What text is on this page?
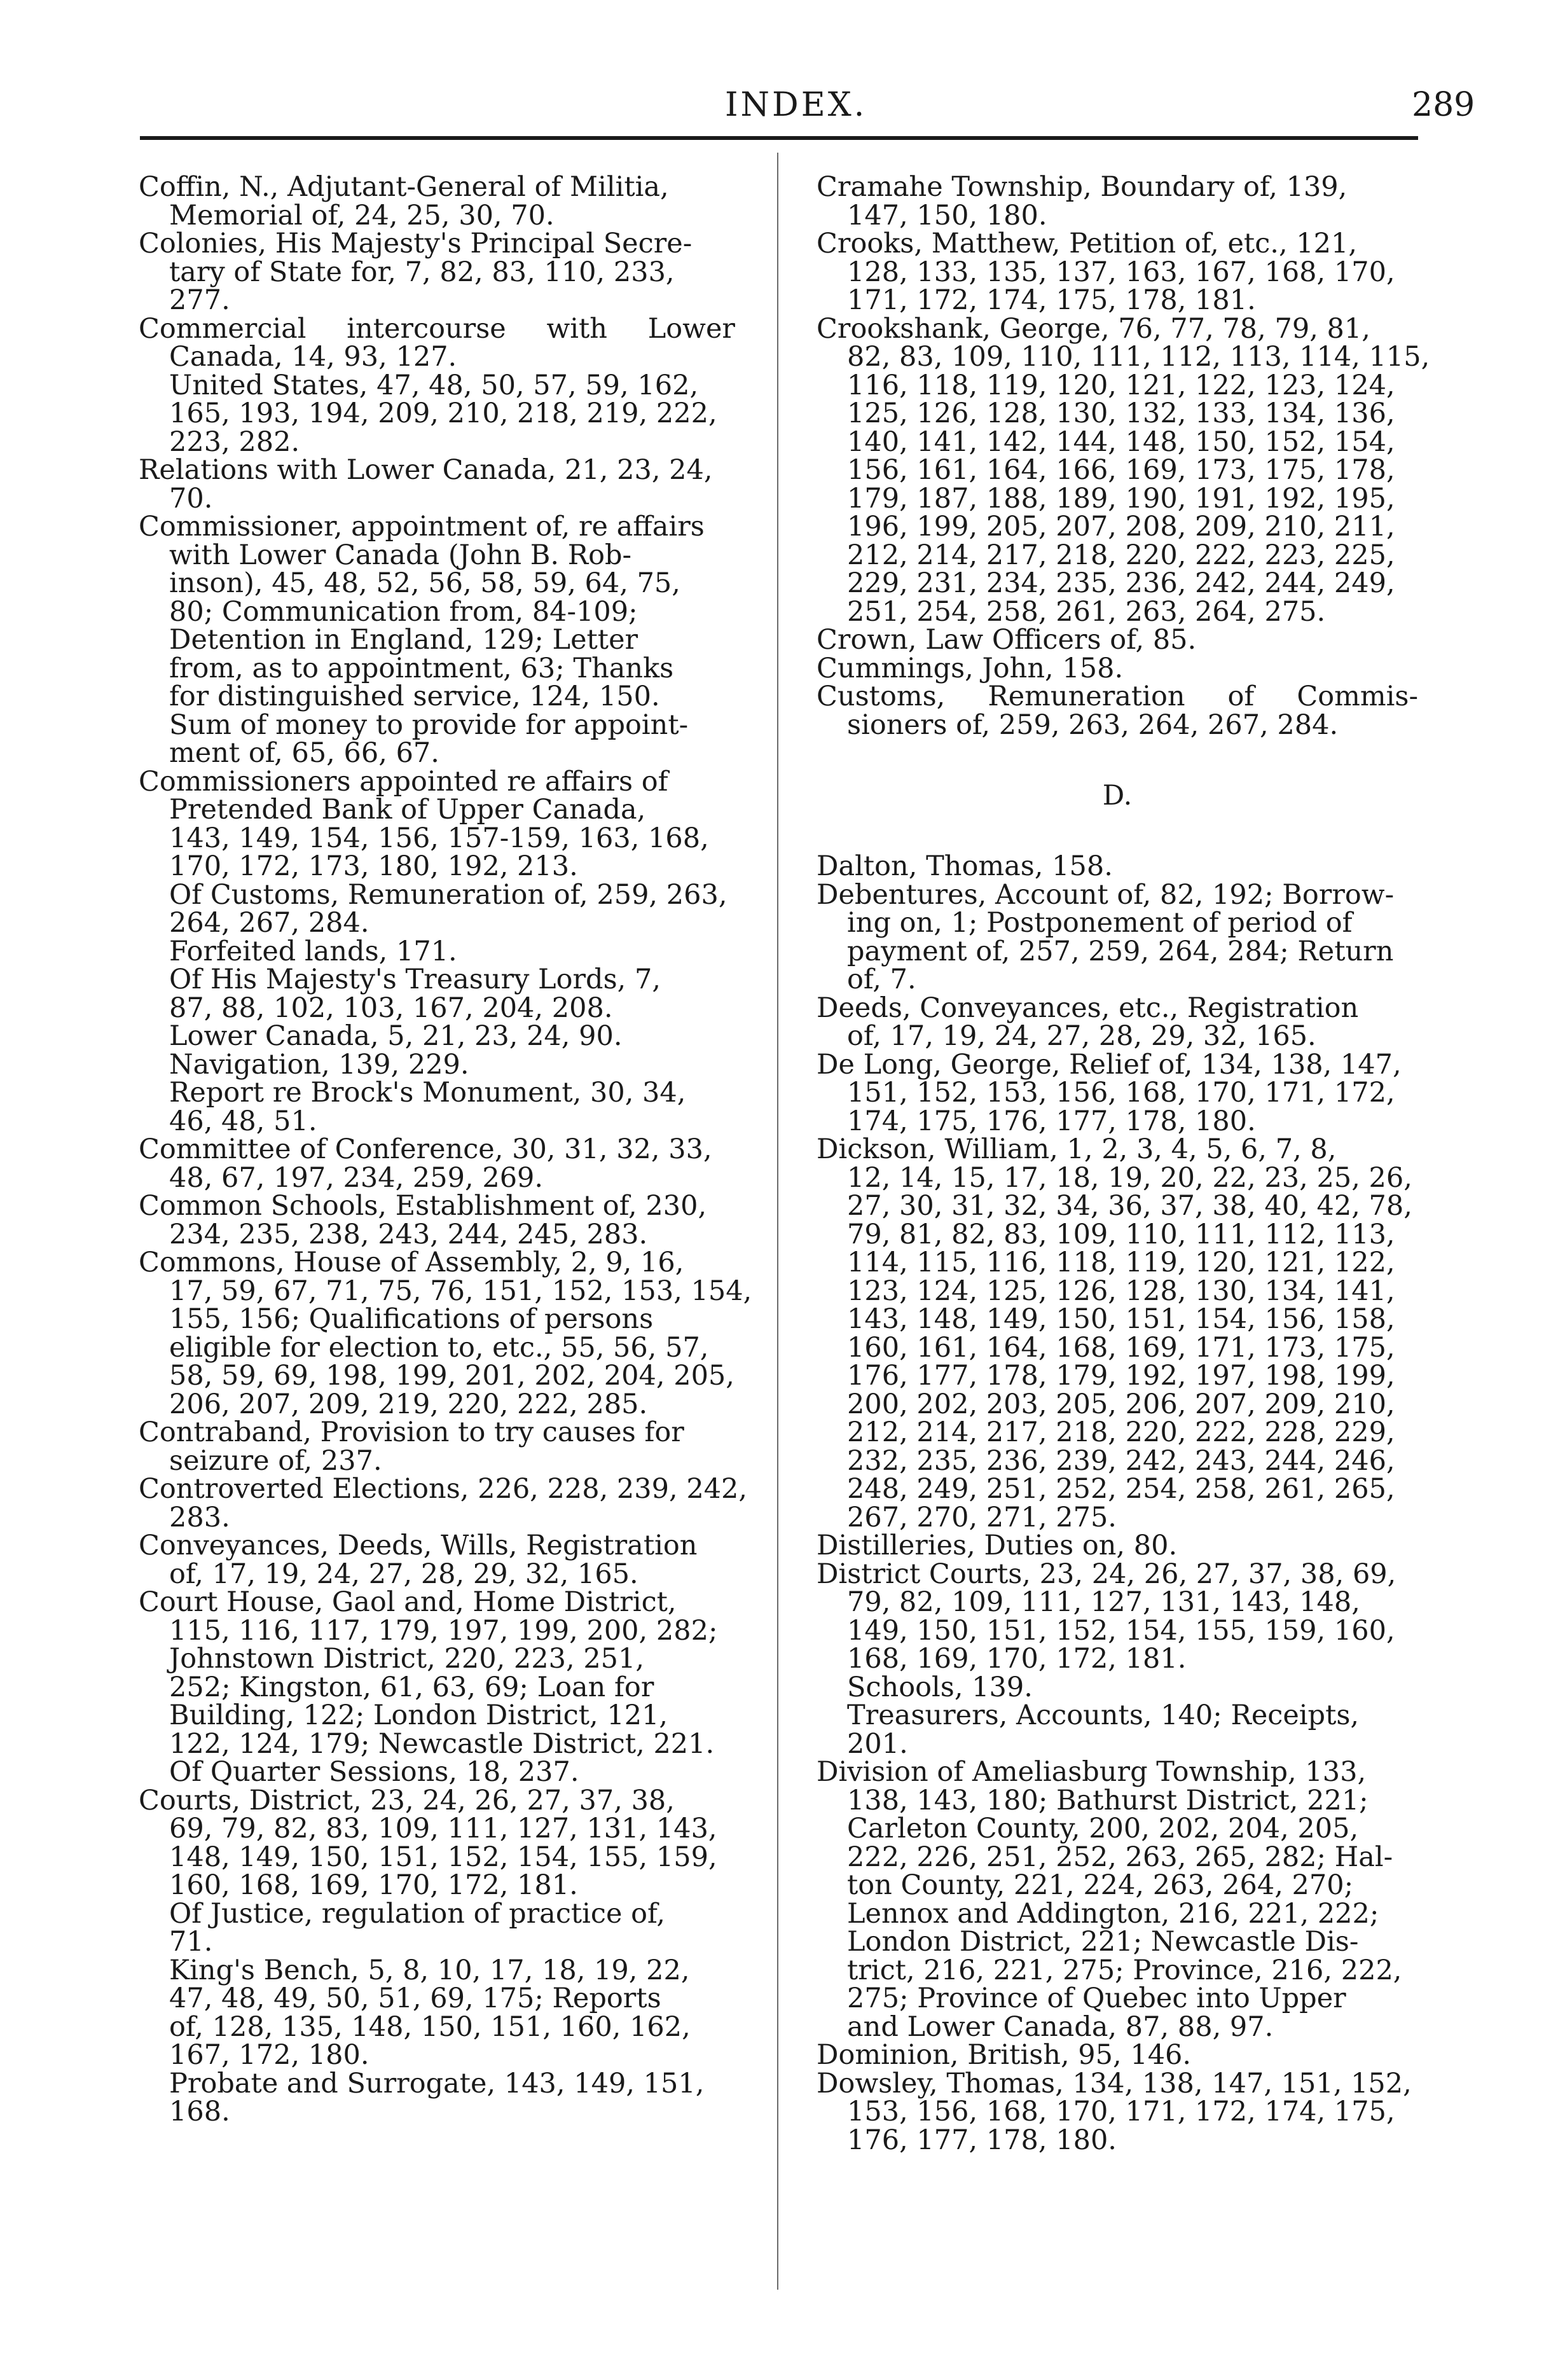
INDEX.	289
Coffin, N., Adjutant-General of Militia,
Memorial of, 24, 25, 30, 70.
Colonies, His Majesty's Principal Secre-
tary of State for, 7, 82, 83, 110, 233,
277.
Commercial intercourse with Lower
Canada, 14, 93, 127.
United States, 47, 48, 50, 57, 59, 162,
165, 193, 194, 209, 210, 218, 219, 222,
223, 282.
Relations with Lower Canada, 21, 23, 24,
70.
Commissioner, appointment of, re affairs
with Lower Canada (John B. Rob-
inson), 45, 48, 52, 56, 58, 59, 64, 75,
80; Communication from, 84-109;
Detention in England, 129; Letter
from, as to appointment, 63; Thanks
for distinguished service, 124, 150.
Sum of money to provide for appoint-
ment of, 65, 66, 67.
Commissioners appointed re affairs of
Pretended Bank of Upper Canada,
143, 149, 154, 156, 157-159, 163, 168,
170, 172, 173, 180, 192, 213.
Of Customs, Remuneration of, 259, 263,
264, 267, 284.
Forfeited lands, 171.
Of His Majesty's Treasury Lords, 7,
87, 88, 102, 103, 167, 204, 208.
Lower Canada, 5, 21, 23, 24, 90.
Navigation, 139, 229.
Report re Brock's Monument, 30, 34,
46, 48, 51.
Committee of Conference, 30, 31, 32, 33,
48, 67, 197, 234, 259, 269.
Common Schools, Establishment of, 230,
234, 235, 238, 243, 244, 245, 283.
Commons, House of Assembly, 2, 9, 16,
17, 59, 67, 71, 75, 76, 151, 152, 153, 154,
155, 156; Qualifications of persons
eligible for election to, etc., 55, 56, 57,
58, 59, 69, 198, 199, 201, 202, 204, 205,
206, 207, 209, 219, 220, 222, 285.
Contraband, Provision to try causes for
seizure of, 237.
Controverted Elections, 226, 228, 239, 242,
283.
Conveyances, Deeds, Wills, Registration
of, 17, 19, 24, 27, 28, 29, 32, 165.
Court House, Gaol and, Home District,
115, 116, 117, 179, 197, 199, 200, 282;
Johnstown District, 220, 223, 251,
252; Kingston, 61, 63, 69; Loan for
Building, 122; London District, 121,
122, 124, 179; Newcastle District, 221.
Of Quarter Sessions, 18, 237.
Courts, District, 23, 24, 26, 27, 37, 38,
69, 79, 82, 83, 109, 111, 127, 131, 143,
148, 149, 150, 151, 152, 154, 155, 159,
160, 168, 169, 170, 172, 181.
Of Justice, regulation of practice of,
71.
King's Bench, 5, 8, 10, 17, 18, 19, 22,
47, 48, 49, 50, 51, 69, 175; Reports
of, 128, 135, 148, 150, 151, 160, 162,
167, 172, 180.
Probate and Surrogate, 143, 149, 151,
168.
Cramahe Township, Boundary of, 139,
147, 150, 180.
Crooks, Matthew, Petition of, etc., 121,
128, 133, 135, 137, 163, 167, 168, 170,
171, 172, 174, 175, 178, 181.
Crookshank, George, 76, 77, 78, 79, 81,
82, 83, 109, 110, 111, 112, 113, 114, 115,
116, 118, 119, 120, 121, 122, 123, 124,
125, 126, 128, 130, 132, 133, 134, 136,
140, 141, 142, 144, 148, 150, 152, 154,
156, 161, 164, 166, 169, 173, 175, 178,
179, 187, 188, 189, 190, 191, 192, 195,
196, 199, 205, 207, 208, 209, 210, 211,
212, 214, 217, 218, 220, 222, 223, 225,
229, 231, 234, 235, 236, 242, 244, 249,
251, 254, 258, 261, 263, 264, 275.
Crown, Law Officers of, 85.
Cummings, John, 158.
Customs, Remuneration of Commis-
sioners of, 259, 263, 264, 267, 284.
D.
Dalton, Thomas, 158.
Debentures, Account of, 82, 192; Borrow-
ing on, 1; Postponement of period of
payment of, 257, 259, 264, 284; Return
of, 7.
Deeds, Conveyances, etc., Registration
of, 17, 19, 24, 27, 28, 29, 32, 165.
De Long, George, Relief of, 134, 138, 147,
151, 152, 153, 156, 168, 170, 171, 172,
174, 175, 176, 177, 178, 180.
Dickson, William, 1, 2, 3, 4, 5, 6, 7, 8,
12, 14, 15, 17, 18, 19, 20, 22, 23, 25, 26,
27, 30, 31, 32, 34, 36, 37, 38, 40, 42, 78,
79, 81, 82, 83, 109, 110, 111, 112, 113,
114, 115, 116, 118, 119, 120, 121, 122,
123, 124, 125, 126, 128, 130, 134, 141,
143, 148, 149, 150, 151, 154, 156, 158,
160, 161, 164, 168, 169, 171, 173, 175,
176, 177, 178, 179, 192, 197, 198, 199,
200, 202, 203, 205, 206, 207, 209, 210,
212, 214, 217, 218, 220, 222, 228, 229,
232, 235, 236, 239, 242, 243, 244, 246,
248, 249, 251, 252, 254, 258, 261, 265,
267, 270, 271, 275.
Distilleries, Duties on, 80.
District Courts, 23, 24, 26, 27, 37, 38, 69,
79, 82, 109, 111, 127, 131, 143, 148,
149, 150, 151, 152, 154, 155, 159, 160,
168, 169, 170, 172, 181.
Schools, 139.
Treasurers, Accounts, 140; Receipts,
201.
Division of Ameliasburg Township, 133,
138, 143, 180; Bathurst District, 221;
Carleton County, 200, 202, 204, 205,
222, 226, 251, 252, 263, 265, 282; Hal-
ton County, 221, 224, 263, 264, 270;
Lennox and Addington, 216, 221, 222;
London District, 221; Newcastle Dis-
trict, 216, 221, 275; Province, 216, 222,
275; Province of Quebec into Upper
and Lower Canada, 87, 88, 97.
Dominion, British, 95, 146.
Dowsley, Thomas, 134, 138, 147, 151, 152,
153, 156, 168, 170, 171, 172, 174, 175,
176, 177, 178, 180.
